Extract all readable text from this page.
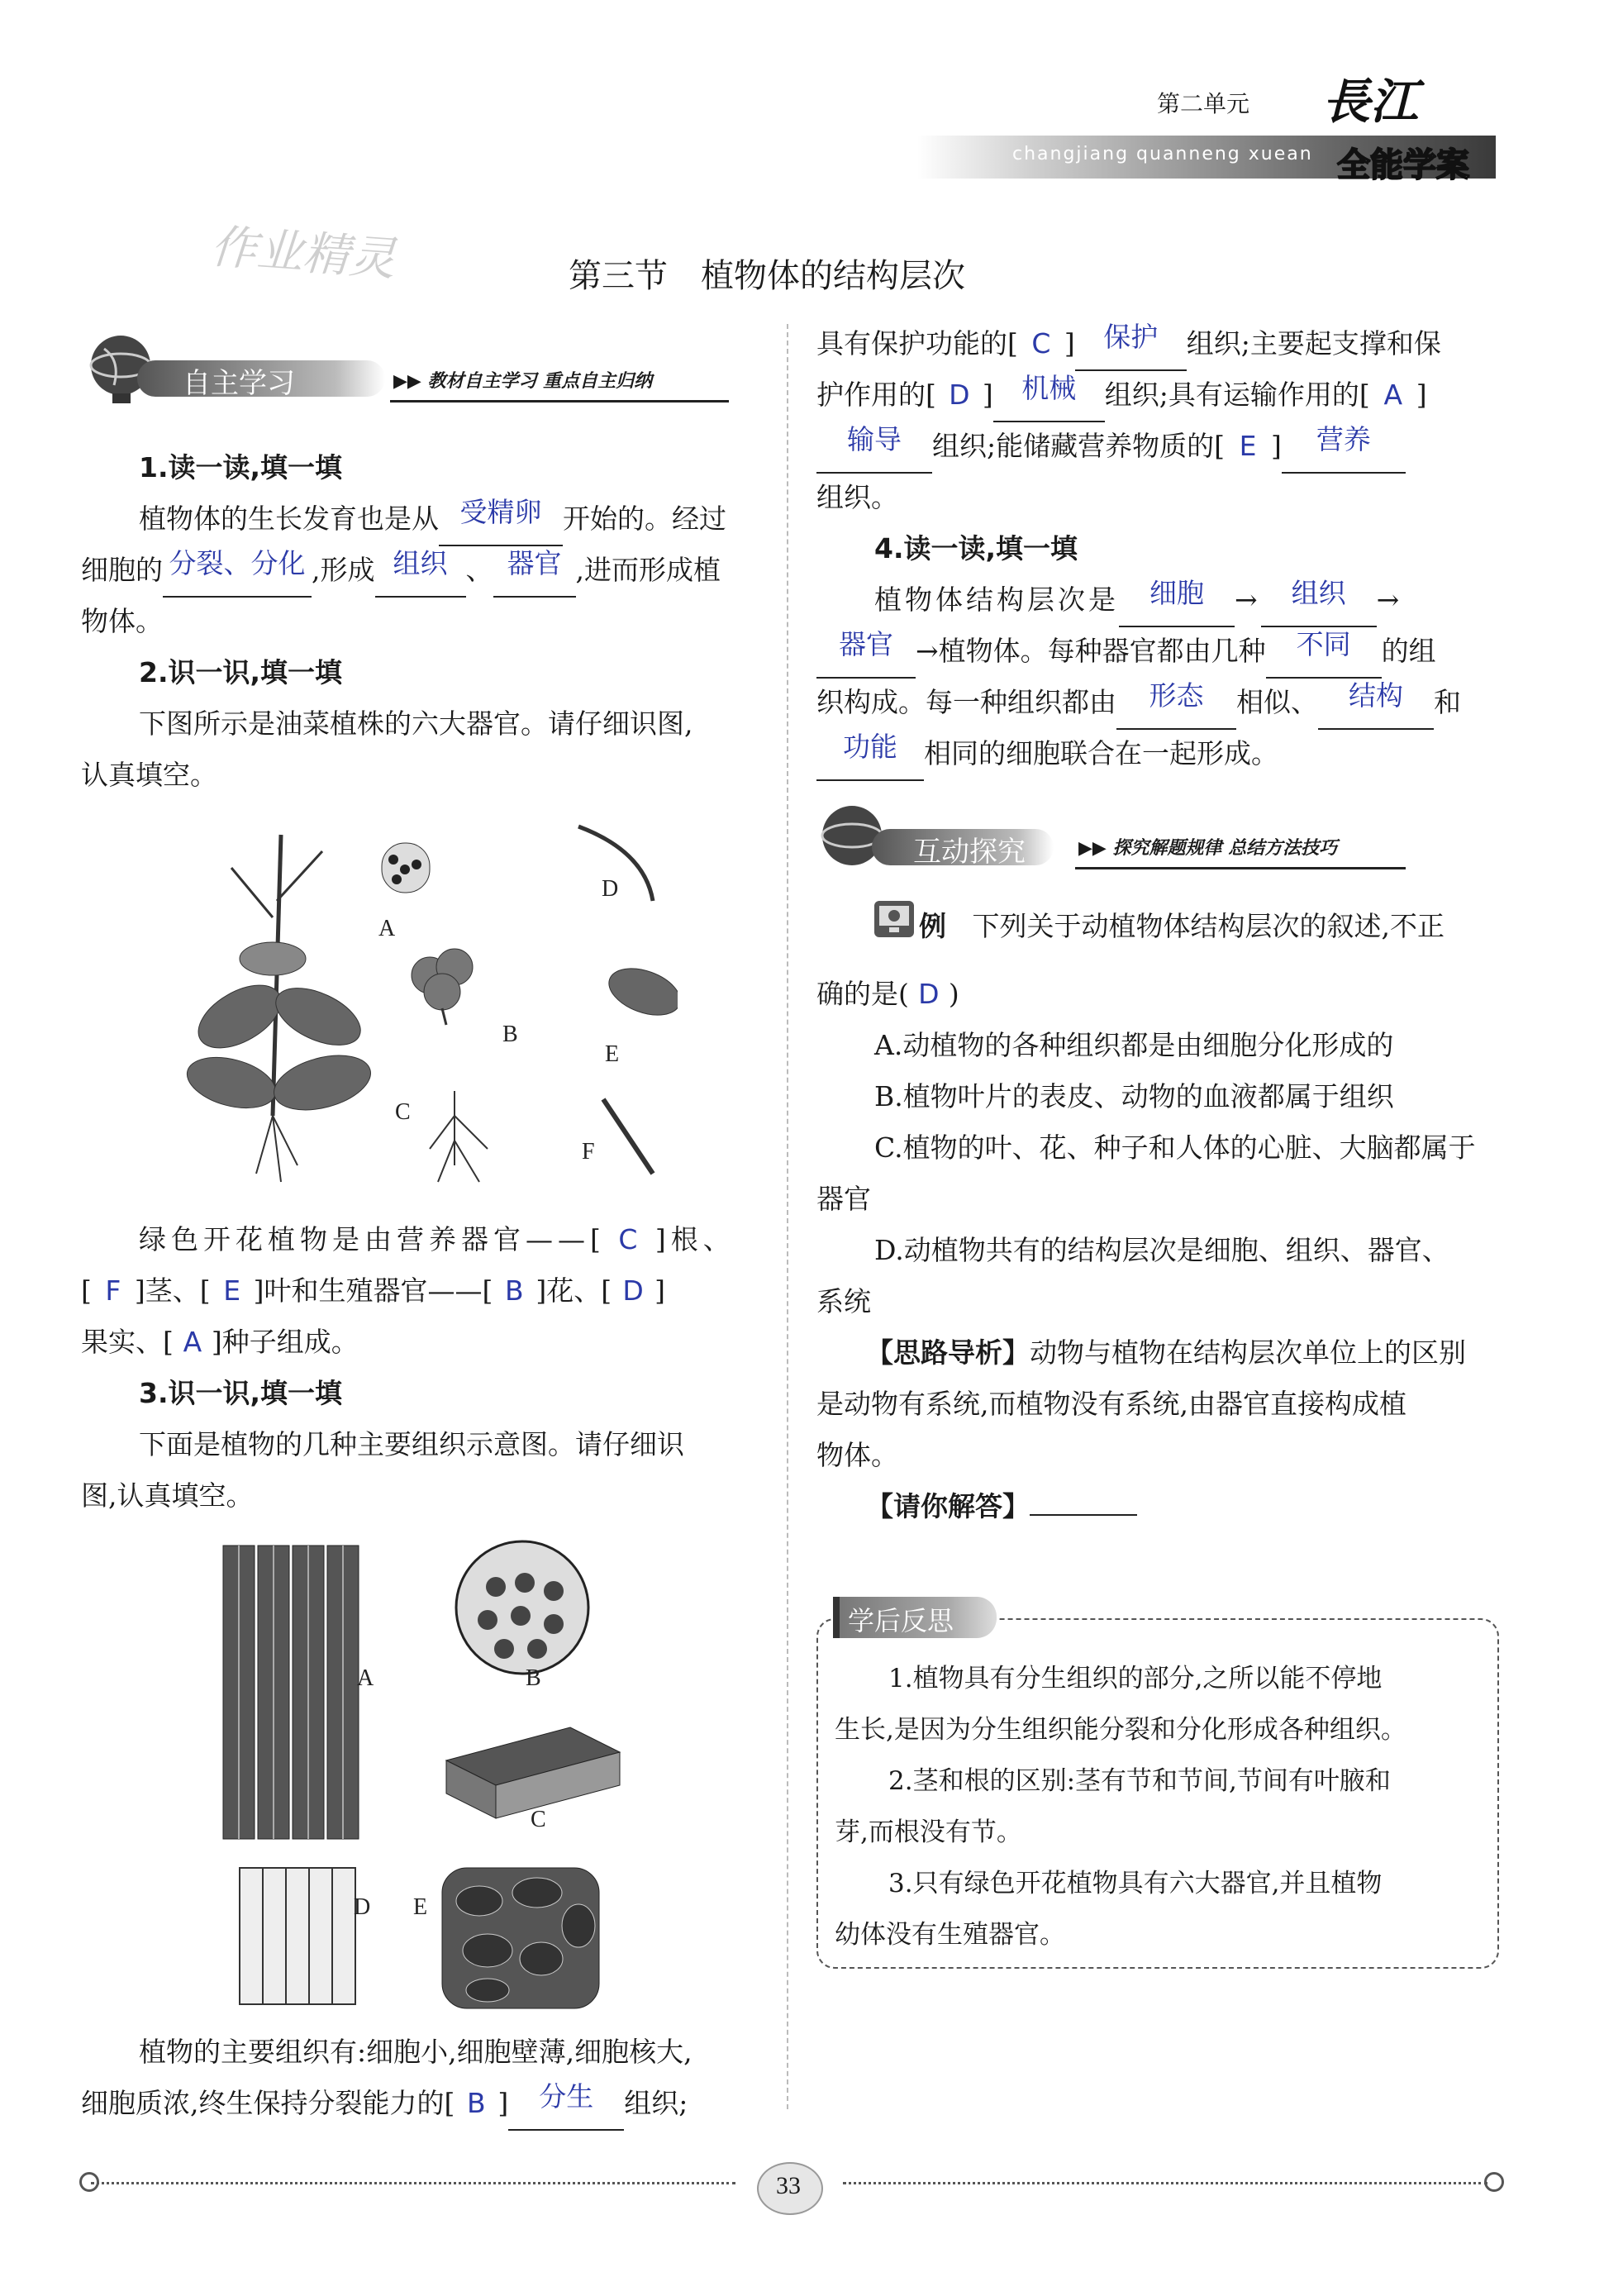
第二单元
changjiang quanneng xuean
長江
全能学案
作业精灵	第三节　植物体的结构层次
自主学习	▶▶ 教材自主学习 重点自主归纳
1.读一读,填一填
植物体的生长发育也是从 受精卵 开始的。经过
细胞的 分裂、分化 ,形成 组织 、 器官 ,进而形成植
物体。
2.识一识,填一填
下图所示是油菜植株的六大器官。请仔细识图,
认真填空。
A
B
C
D
E
F
绿色开花植物是由营养器官——[ C ]根、
[ F ]茎、[ E ]叶和生殖器官——[ B ]花、[ D ]
果实、[ A ]种子组成。
3.识一识,填一填
下面是植物的几种主要组织示意图。请仔细识
图,认真填空。
A	B
C
D E
植物的主要组织有:细胞小,细胞壁薄,细胞核大,
细胞质浓,终生保持分裂能力的[ B ] 分生 组织;
具有保护功能的[ C ] 保护 组织;主要起支撑和保
护作用的[ D ] 机械 组织;具有运输作用的[ A ]
输导 组织;能储藏营养物质的[ E ] 营养
组织。
4.读一读,填一填
植物体结构层次是 细胞 → 组织 →
器官 →植物体。每种器官都由几种 不同 的组
织构成。每一种组织都由 形态 相似、 结构 和
功能 相同的细胞联合在一起形成。
互动探究	▶▶ 探究解题规律 总结方法技巧
例 下列关于动植物体结构层次的叙述,不正
确的是( D )
A.动植物的各种组织都是由细胞分化形成的
B.植物叶片的表皮、动物的血液都属于组织
C.植物的叶、花、种子和人体的心脏、大脑都属于
器官
D.动植物共有的结构层次是细胞、组织、器官、
系统
【思路导析】动物与植物在结构层次单位上的区别
是动物有系统,而植物没有系统,由器官直接构成植
物体。
【请你解答】
学后反思
1.植物具有分生组织的部分,之所以能不停地
生长,是因为分生组织能分裂和分化形成各种组织。
2.茎和根的区别:茎有节和节间,节间有叶腋和
芽,而根没有节。
3.只有绿色开花植物具有六大器官,并且植物
幼体没有生殖器官。
33
